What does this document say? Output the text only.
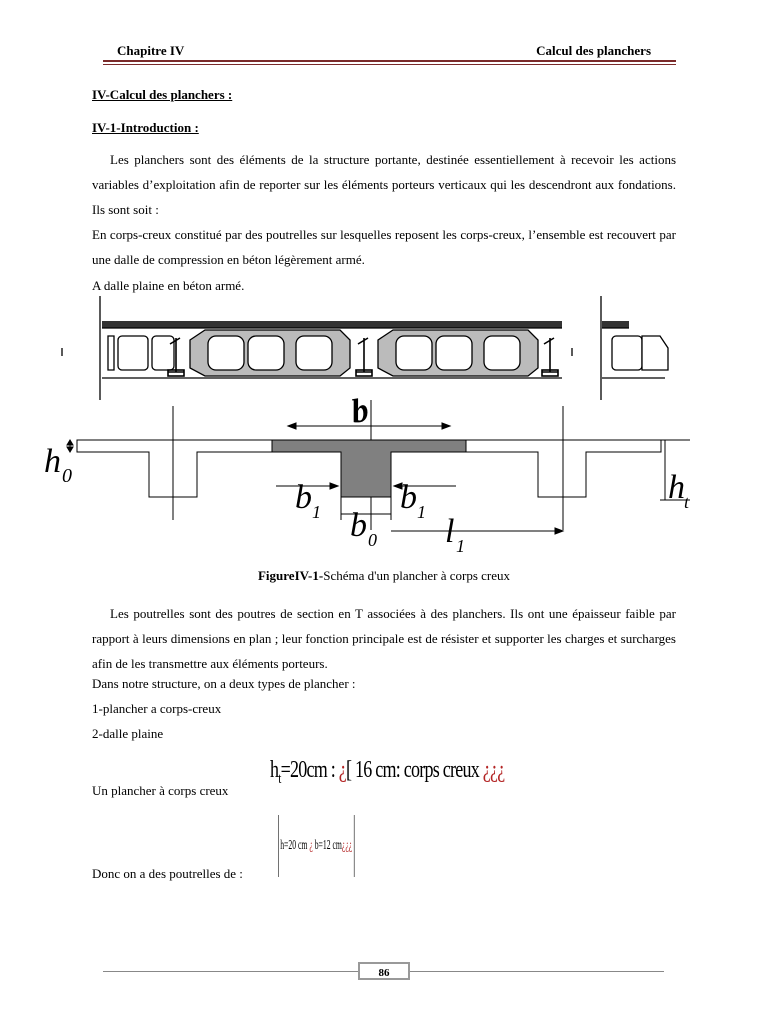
Chapitre IV	Calcul des planchers
IV-Calcul des planchers :
IV-1-Introduction :
Les planchers sont des éléments de la structure portante, destinée essentiellement à recevoir les actions variables d’exploitation afin de reporter sur les éléments porteurs verticaux qui les descendront aux fondations. Ils sont soit :
En corps-creux constitué par des poutrelles sur lesquelles reposent les corps-creux, l’ensemble est recouvert par une dalle de compression en béton légèrement armé.
A dalle plaine en béton armé.
b
h 0	h t
b 1 b 1
b 0 l 1
FigureIV-1-Schéma d'un plancher à corps creux
Les poutrelles sont des poutres de section en T associées à des planchers. Ils ont une épaisseur faible par rapport à leurs dimensions en plan ; leur fonction principale est de résister et supporter les charges et surcharges afin de les transmettre aux éléments porteurs.
Dans notre structure, on a deux types de plancher :
1-plancher a corps-creux
2-dalle plaine
Un plancher à corps creux
$h_t=20cm$ : ¿[ 16 cm: corps creux ¿¿¿
Donc on a des poutrelles de :
h=20 cm ¿ b=12 cm¿¿¿
86
